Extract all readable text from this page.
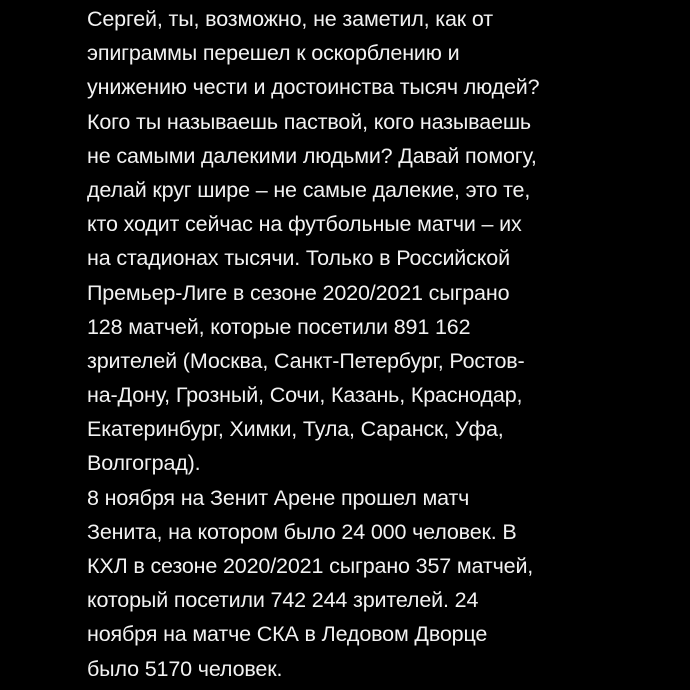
Сергей, ты, возможно, не заметил, как от
эпиграммы перешел к оскорблению и
унижению чести и достоинства тысяч людей?
Кого ты называешь паствой, кого называешь
не самыми далекими людьми? Давай помогу,
делай круг шире – не самые далекие, это те,
кто ходит сейчас на футбольные матчи – их
на стадионах тысячи. Только в Российской
Премьер-Лиге в сезоне 2020/2021 сыграно
128 матчей, которые посетили 891 162
зрителей (Москва, Санкт-Петербург, Ростов-
на-Дону, Грозный, Сочи, Казань, Краснодар,
Екатеринбург, Химки, Тула, Саранск, Уфа,
Волгоград).
8 ноября на Зенит Арене прошел матч
Зенита, на котором было 24 000 человек. В
КХЛ в сезоне 2020/2021 сыграно 357 матчей,
который посетили 742 244 зрителей. 24
ноября на матче СКА в Ледовом Дворце
было 5170 человек.
